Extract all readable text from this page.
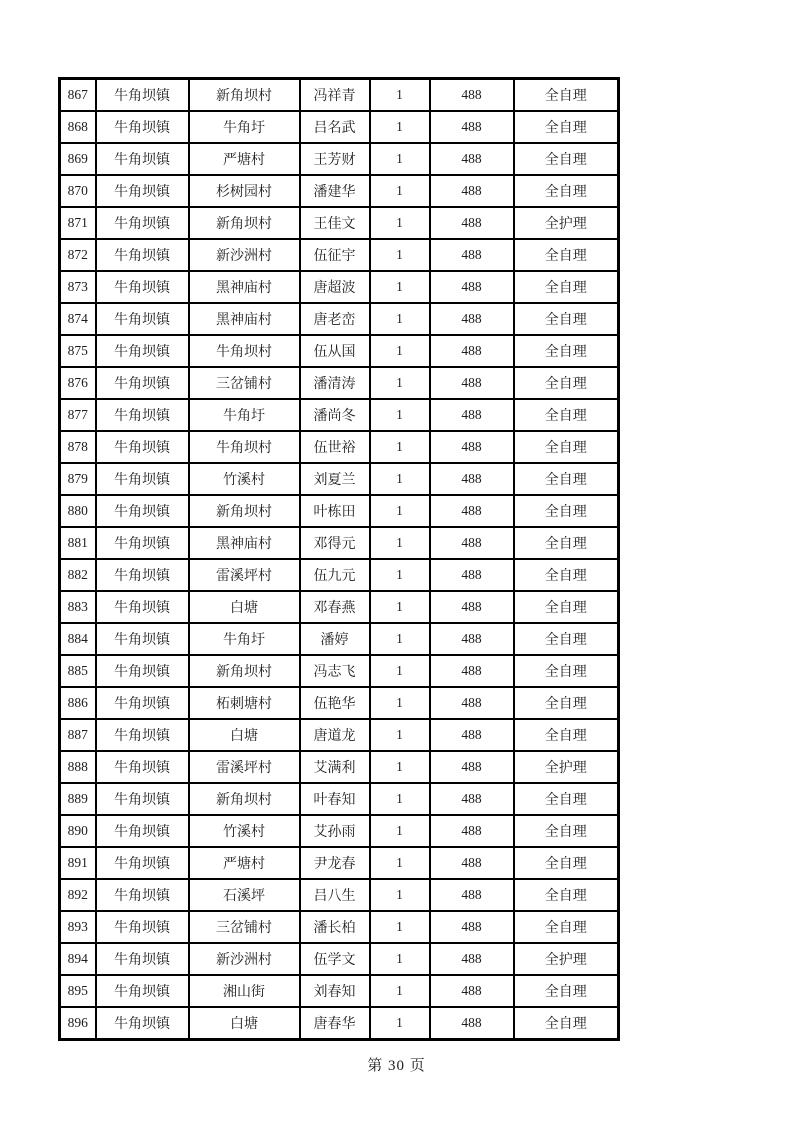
867	牛角坝镇	新角坝村	冯祥青	1	488	全自理
868	牛角坝镇	牛角圩	吕名武	1	488	全自理
869	牛角坝镇	严塘村	王芳财	1	488	全自理
870	牛角坝镇	杉树园村	潘建华	1	488	全自理
871	牛角坝镇	新角坝村	王佳文	1	488	全护理
872	牛角坝镇	新沙洲村	伍征宇	1	488	全自理
873	牛角坝镇	黑神庙村	唐超波	1	488	全自理
874	牛角坝镇	黑神庙村	唐老峦	1	488	全自理
875	牛角坝镇	牛角坝村	伍从国	1	488	全自理
876	牛角坝镇	三岔铺村	潘清涛	1	488	全自理
877	牛角坝镇	牛角圩	潘尚冬	1	488	全自理
878	牛角坝镇	牛角坝村	伍世裕	1	488	全自理
879	牛角坝镇	竹溪村	刘夏兰	1	488	全自理
880	牛角坝镇	新角坝村	叶栋田	1	488	全自理
881	牛角坝镇	黑神庙村	邓得元	1	488	全自理
882	牛角坝镇	雷溪坪村	伍九元	1	488	全自理
883	牛角坝镇	白塘	邓春燕	1	488	全自理
884	牛角坝镇	牛角圩	潘婷	1	488	全自理
885	牛角坝镇	新角坝村	冯志飞	1	488	全自理
886	牛角坝镇	柘刺塘村	伍艳华	1	488	全自理
887	牛角坝镇	白塘	唐道龙	1	488	全自理
888	牛角坝镇	雷溪坪村	艾满利	1	488	全护理
889	牛角坝镇	新角坝村	叶春知	1	488	全自理
890	牛角坝镇	竹溪村	艾孙雨	1	488	全自理
891	牛角坝镇	严塘村	尹龙春	1	488	全自理
892	牛角坝镇	石溪坪	吕八生	1	488	全自理
893	牛角坝镇	三岔铺村	潘长柏	1	488	全自理
894	牛角坝镇	新沙洲村	伍学文	1	488	全护理
895	牛角坝镇	湘山街	刘春知	1	488	全自理
896	牛角坝镇	白塘	唐春华	1	488	全自理
第 30 页
